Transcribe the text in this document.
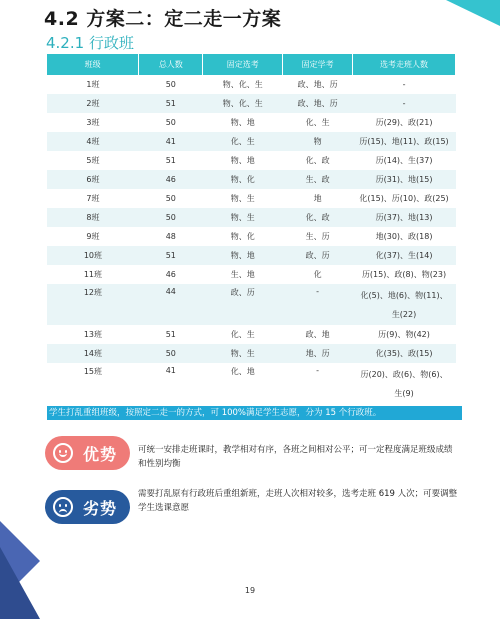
4.2 方案二：定二走一方案
4.2.1 行政班
班级	总人数	固定选考	固定学考	选考走班人数
1班	50	物、化、生	政、地、历	-
2班	51	物、化、生	政、地、历	-
3班	50	物、地	化、生	历(29)、政(21)
4班	41	化、生	物	历(15)、地(11)、政(15)
5班	51	物、地	化、政	历(14)、生(37)
6班	46	物、化	生、政	历(31)、地(15)
7班	50	物、生	地	化(15)、历(10)、政(25)
8班	50	物、生	化、政	历(37)、地(13)
9班	48	物、化	生、历	地(30)、政(18)
10班	51	物、地	政、历	化(37)、生(14)
11班	46	生、地	化	历(15)、政(8)、物(23)
12班	44	政、历	-	化(5)、地(6)、物(11)、生(22)
13班	51	化、生	政、地	历(9)、物(42)
14班	50	物、生	地、历	化(35)、政(15)
15班	41	化、地	-	历(20)、政(6)、物(6)、生(9)
学生打乱重组班级，按照定二走一的方式，可 100%满足学生志愿，分为 15 个行政班。
优势 可统一安排走班课时，教学相对有序，各班之间相对公平；可一定程度满足班级成绩和性别均衡
劣势
需要打乱原有行政班后重组新班，走班人次相对较多，选考走班 619 人次；可要调整学生选课意愿
19
